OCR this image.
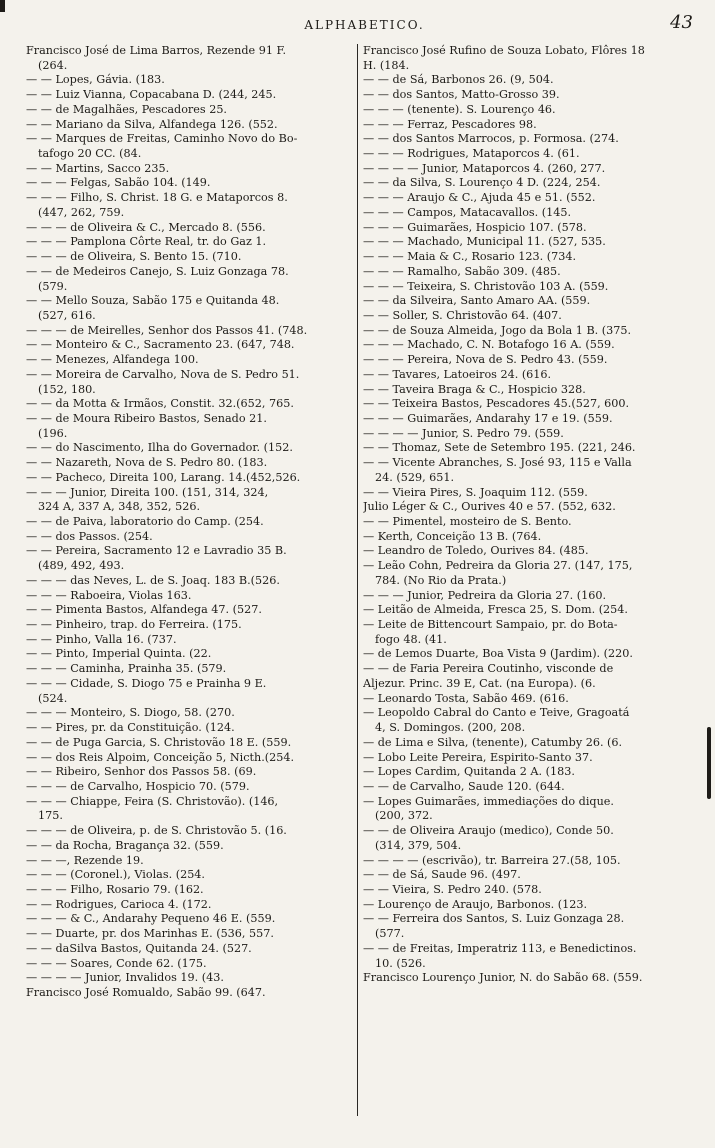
ALPHABETICO.	43
Francisco José de Lima Barros, Rezende 91 F.
(264.
— — Lopes, Gávia. (183.
— — Luiz Vianna, Copacabana D. (244, 245.
— — de Magalhães, Pescadores 25.
— — Mariano da Silva, Alfandega 126. (552.
— — Marques de Freitas, Caminho Novo do Bo-
tafogo 20 CC. (84.
— — Martins, Sacco 235.
— — — Felgas, Sabão 104. (149.
— — — Filho, S. Christ. 18 G. e Mataporcos 8.
(447, 262, 759.
— — — de Oliveira & C., Mercado 8. (556.
— — — Pamplona Côrte Real, tr. do Gaz 1.
— — — de Oliveira, S. Bento 15. (710.
— — de Medeiros Canejo, S. Luiz Gonzaga 78.
(579.
— — Mello Souza, Sabão 175 e Quitanda 48.
(527, 616.
— — — de Meirelles, Senhor dos Passos 41. (748.
— — Monteiro & C., Sacramento 23. (647, 748.
— — Menezes, Alfandega 100.
— — Moreira de Carvalho, Nova de S. Pedro 51.
(152, 180.
— — da Motta & Irmãos, Constit. 32.(652, 765.
— — de Moura Ribeiro Bastos, Senado 21.
(196.
— — do Nascimento, Ilha do Governador. (152.
— — Nazareth, Nova de S. Pedro 80. (183.
— — Pacheco, Direita 100, Larang. 14.(452,526.
— — — Junior, Direita 100. (151, 314, 324,
324 A, 337 A, 348, 352, 526.
— — de Paiva, laboratorio do Camp. (254.
— — dos Passos. (254.
— — Pereira, Sacramento 12 e Lavradio 35 B.
(489, 492, 493.
— — — das Neves, L. de S. Joaq. 183 B.(526.
— — — Raboeira, Violas 163.
— — Pimenta Bastos, Alfandega 47. (527.
— — Pinheiro, trap. do Ferreira. (175.
— — Pinho, Valla 16. (737.
— — Pinto, Imperial Quinta. (22.
— — — Caminha, Prainha 35. (579.
— — — Cidade, S. Diogo 75 e Prainha 9 E.
(524.
— — — Monteiro, S. Diogo, 58. (270.
— — Pires, pr. da Constituição. (124.
— — de Puga Garcia, S. Christovão 18 E. (559.
— — dos Reis Alpoim, Conceição 5, Nicth.(254.
— — Ribeiro, Senhor dos Passos 58. (69.
— — — de Carvalho, Hospicio 70. (579.
— — — Chiappe, Feira (S. Christovão). (146,
175.
— — — de Oliveira, p. de S. Christovão 5. (16.
— — da Rocha, Bragança 32. (559.
— — —, Rezende 19.
— — — (Coronel.), Violas. (254.
— — — Filho, Rosario 79. (162.
— — Rodrigues, Carioca 4. (172.
— — — & C., Andarahy Pequeno 46 E. (559.
— — Duarte, pr. dos Marinhas E. (536, 557.
— — daSilva Bastos, Quitanda 24. (527.
— — — Soares, Conde 62. (175.
— — — — Junior, Invalidos 19. (43.
Francisco José Romualdo, Sabão 99. (647.
Francisco José Rufino de Souza Lobato, Flôres 18
H. (184.
— — de Sá, Barbonos 26. (9, 504.
— — dos Santos, Matto-Grosso 39.
— — — (tenente). S. Lourenço 46.
— — — Ferraz, Pescadores 98.
— — dos Santos Marrocos, p. Formosa. (274.
— — — Rodrigues, Mataporcos 4. (61.
— — — — Junior, Mataporcos 4. (260, 277.
— — da Silva, S. Lourenço 4 D. (224, 254.
— — — Araujo & C., Ajuda 45 e 51. (552.
— — — Campos, Matacavallos. (145.
— — — Guimarães, Hospicio 107. (578.
— — — Machado, Municipal 11. (527, 535.
— — — Maia & C., Rosario 123. (734.
— — — Ramalho, Sabão 309. (485.
— — — Teixeira, S. Christovão 103 A. (559.
— — da Silveira, Santo Amaro AA. (559.
— — Soller, S. Christovão 64. (407.
— — de Souza Almeida, Jogo da Bola 1 B. (375.
— — — Machado, C. N. Botafogo 16 A. (559.
— — — Pereira, Nova de S. Pedro 43. (559.
— — Tavares, Latoeiros 24. (616.
— — Taveira Braga & C., Hospicio 328.
— — Teixeira Bastos, Pescadores 45.(527, 600.
— — — Guimarães, Andarahy 17 e 19. (559.
— — — — Junior, S. Pedro 79. (559.
— — Thomaz, Sete de Setembro 195. (221, 246.
— — Vicente Abranches, S. José 93, 115 e Valla
24. (529, 651.
— — Vieira Pires, S. Joaquim 112. (559.
Julio Léger & C., Ourives 40 e 57. (552, 632.
— — Pimentel, mosteiro de S. Bento.
— Kerth, Conceição 13 B. (764.
— Leandro de Toledo, Ourives 84. (485.
— Leão Cohn, Pedreira da Gloria 27. (147, 175,
784. (No Rio da Prata.)
— — — Junior, Pedreira da Gloria 27. (160.
— Leitão de Almeida, Fresca 25, S. Dom. (254.
— Leite de Bittencourt Sampaio, pr. do Bota-
fogo 48. (41.
— de Lemos Duarte, Boa Vista 9 (Jardim). (220.
— — de Faria Pereira Coutinho, visconde de
Aljezur. Princ. 39 E, Cat. (na Europa). (6.
— Leonardo Tosta, Sabão 469. (616.
— Leopoldo Cabral do Canto e Teive, Gragoatá
4, S. Domingos. (200, 208.
— de Lima e Silva, (tenente), Catumby 26. (6.
— Lobo Leite Pereira, Espirito-Santo 37.
— Lopes Cardim, Quitanda 2 A. (183.
— — de Carvalho, Saude 120. (644.
— Lopes Guimarães, immediações do dique.
(200, 372.
— — de Oliveira Araujo (medico), Conde 50.
(314, 379, 504.
— — — — (escrivão), tr. Barreira 27.(58, 105.
— — de Sá, Saude 96. (497.
— — Vieira, S. Pedro 240. (578.
— Lourenço de Araujo, Barbonos. (123.
— — Ferreira dos Santos, S. Luiz Gonzaga 28.
(577.
— — de Freitas, Imperatriz 113, e Benedictinos.
10. (526.
Francisco Lourenço Junior, N. do Sabão 68. (559.
